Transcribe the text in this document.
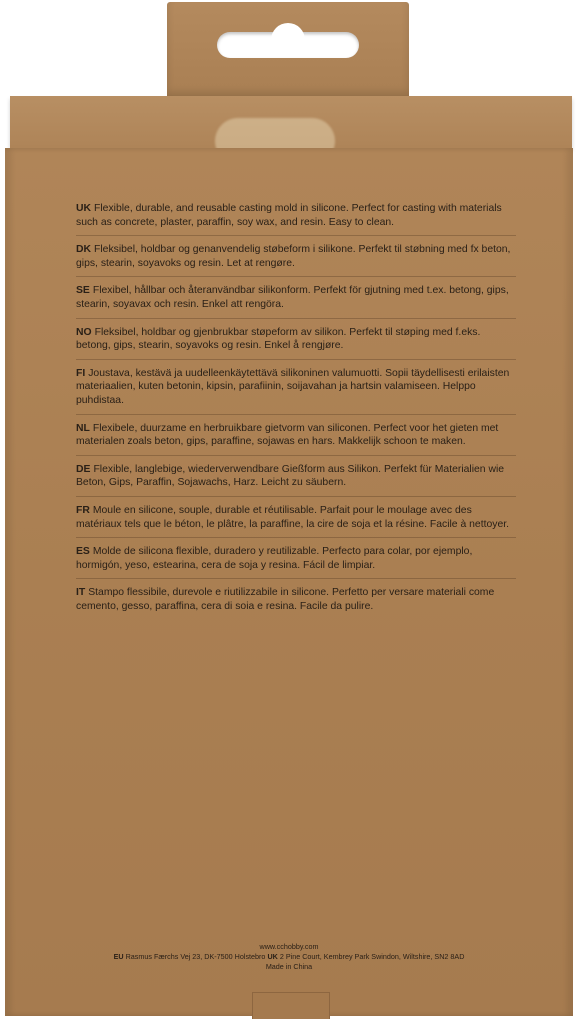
UK Flexible, durable, and reusable casting mold in silicone. Perfect for casting with materials such as concrete, plaster, paraffin, soy wax, and resin. Easy to clean.

DK Fleksibel, holdbar og genanvendelig støbeform i silikone. Perfekt til støbning med fx beton, gips, stearin, soyavoks og resin. Let at rengøre.

SE Flexibel, hållbar och återanvändbar silikonform. Perfekt för gjutning med t.ex. betong, gips, stearin, soyavax och resin. Enkel att rengöra.

NO Fleksibel, holdbar og gjenbrukbar støpeform av silikon. Perfekt til støping med f.eks. betong, gips, stearin, soyavoks og resin. Enkel å rengjøre.

FI Joustava, kestävä ja uudelleenkäytettävä silikoninen valumuotti. Sopii täydellisesti erilaisten materiaalien, kuten betonin, kipsin, parafiinin, soijavahan ja hartsin valamiseen. Helppo puhdistaa.

NL Flexibele, duurzame en herbruikbare gietvorm van siliconen. Perfect voor het gieten met materialen zoals beton, gips, paraffine, sojawas en hars. Makkelijk schoon te maken.

DE Flexible, langlebige, wiederverwendbare Gießform aus Silikon. Perfekt für Materialien wie Beton, Gips, Paraffin, Sojawachs, Harz. Leicht zu säubern.

FR Moule en silicone, souple, durable et réutilisable. Parfait pour le moulage avec des matériaux tels que le béton, le plâtre, la paraffine, la cire de soja et la résine. Facile à nettoyer.

ES Molde de silicona flexible, duradero y reutilizable. Perfecto para colar, por ejemplo, hormigón, yeso, estearina, cera de soja y resina. Fácil de limpiar.

IT Stampo flessibile, durevole e riutilizzabile in silicone. Perfetto per versare materiali come cemento, gesso, paraffina, cera di soia e resina. Facile da pulire.

www.cchobby.com
EU Rasmus Færchs Vej 23, DK-7500 Holstebro UK 2 Pine Court, Kembrey Park Swindon, Wiltshire, SN2 8AD
Made in China
